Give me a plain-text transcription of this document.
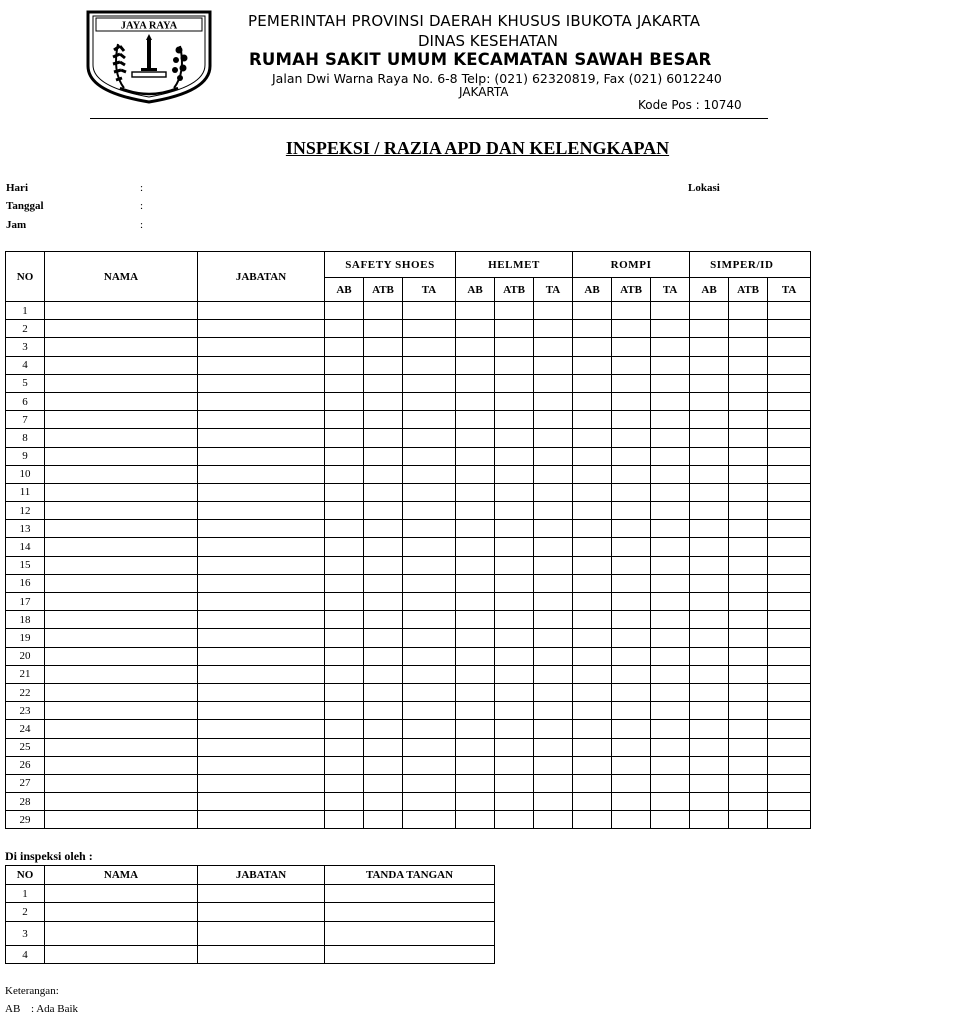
JAYA RAYA	PEMERINTAH PROVINSI DAERAH KHUSUS IBUKOTA JAKARTA
DINAS KESEHATAN
RUMAH SAKIT UMUM KECAMATAN SAWAH BESAR
Jalan Dwi Warna Raya No. 6-8 Telp: (021) 62320819, Fax (021) 6012240
JAKARTA
Kode Pos : 10740
INSPEKSI / RAZIA APD DAN KELENGKAPAN
Hari	:
Tanggal	:
Jam	:
Lokasi
NO	NAMA	JABATAN	SAFETY SHOES			HELMET			ROMPI			SIMPER/ID		
			AB	ATB	TA	AB	ATB	TA	AB	ATB	TA	AB	ATB	TA
1														
2														
3														
4														
5														
6														
7														
8														
9														
10														
11														
12														
13														
14														
15														
16														
17														
18														
19														
20														
21														
22														
23														
24														
25														
26														
27														
28														
29														
Di inspeksi oleh :
NO	NAMA	JABATAN	TANDA TANGAN
1			
2			
3			
4			
Keterangan:
AB : Ada Baik
